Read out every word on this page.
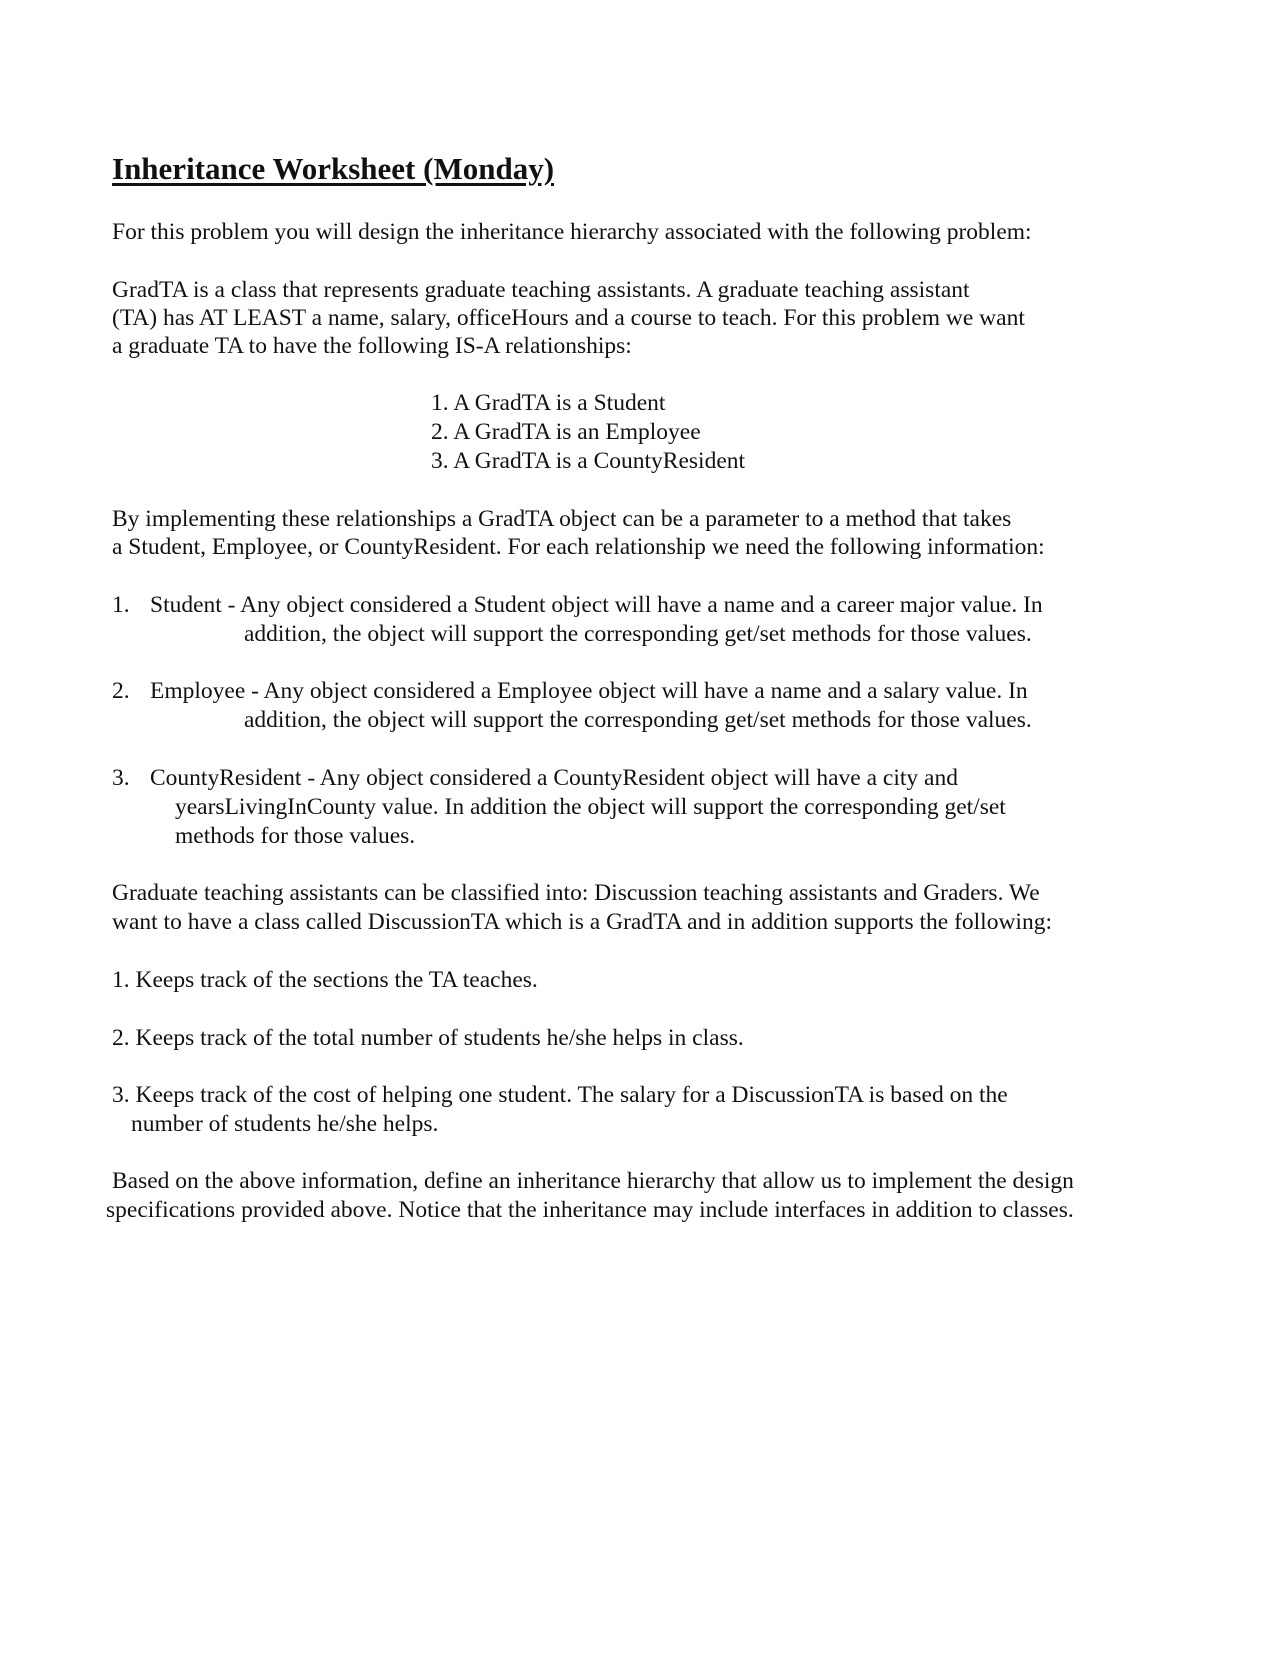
Inheritance Worksheet (Monday)
For this problem you will design the inheritance hierarchy associated with the following problem:
GradTA is a class that represents graduate teaching assistants. A graduate teaching assistant
(TA) has AT LEAST a name, salary, officeHours and a course to teach. For this problem we want
a graduate TA to have the following IS-A relationships:
1. A GradTA is a Student
2. A GradTA is an Employee
3. A GradTA is a CountyResident
By implementing these relationships a GradTA object can be a parameter to a method that takes
a Student, Employee, or CountyResident. For each relationship we need the following information:
1. Student - Any object considered a Student object will have a name and a career major value. In
addition, the object will support the corresponding get/set methods for those values.
2. Employee - Any object considered a Employee object will have a name and a salary value. In
addition, the object will support the corresponding get/set methods for those values.
3. CountyResident - Any object considered a CountyResident object will have a city and
yearsLivingInCounty value. In addition the object will support the corresponding get/set
methods for those values.
Graduate teaching assistants can be classified into: Discussion teaching assistants and Graders. We
want to have a class called DiscussionTA which is a GradTA and in addition supports the following:
1. Keeps track of the sections the TA teaches.
2. Keeps track of the total number of students he/she helps in class.
3. Keeps track of the cost of helping one student. The salary for a DiscussionTA is based on the
number of students he/she helps.
Based on the above information, define an inheritance hierarchy that allow us to implement the design
specifications provided above. Notice that the inheritance may include interfaces in addition to classes.
